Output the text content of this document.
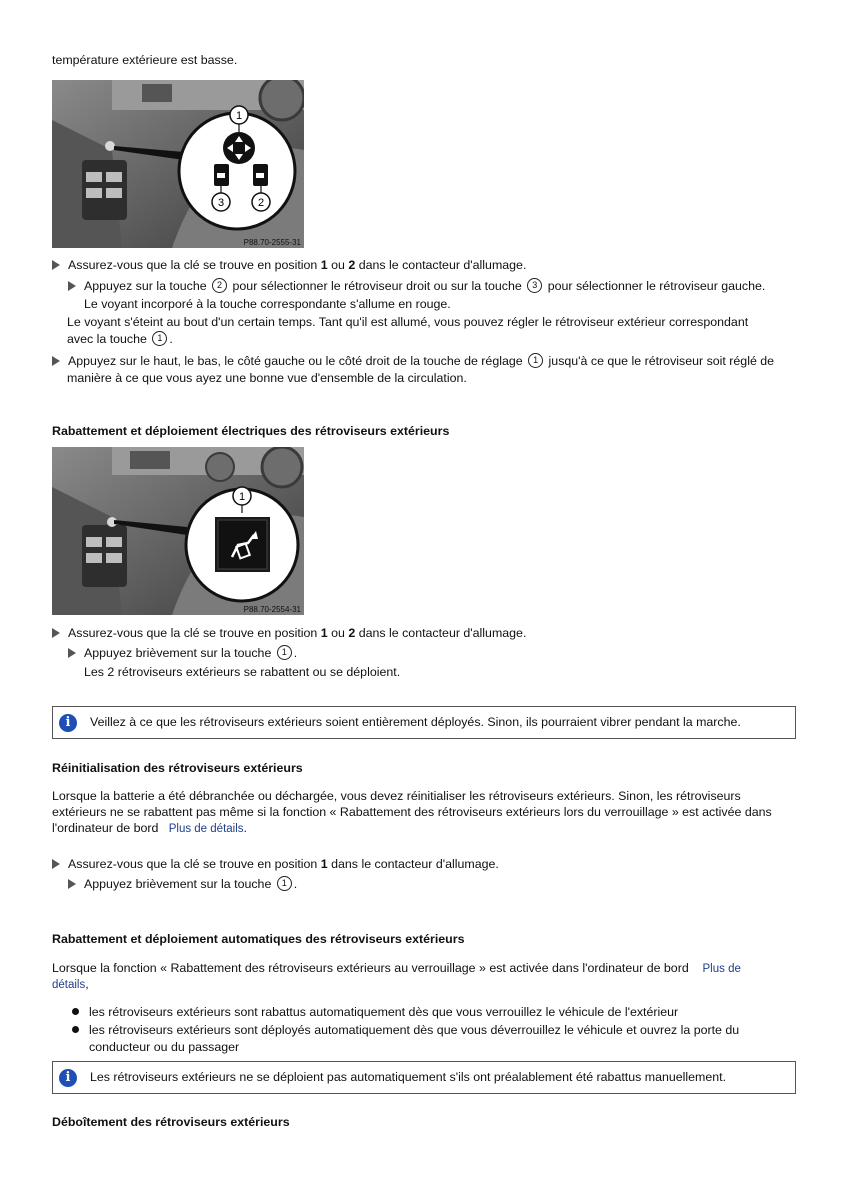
température extérieure est basse.
1
3	2
P88.70-2555-31
Assurez-vous que la clé se trouve en position 1 ou 2 dans le contacteur d'allumage.
Appuyez sur la touche 2 pour sélectionner le rétroviseur droit ou sur la touche 3 pour sélectionner le rétroviseur gauche.
Le voyant incorporé à la touche correspondante s'allume en rouge.
Le voyant s'éteint au bout d'un certain temps. Tant qu'il est allumé, vous pouvez régler le rétroviseur extérieur correspondant
avec la touche 1 .
Appuyez sur le haut, le bas, le côté gauche ou le côté droit de la touche de réglage 1 jusqu'à ce que le rétroviseur soit réglé de
manière à ce que vous ayez une bonne vue d'ensemble de la circulation.
Rabattement et déploiement électriques des rétroviseurs extérieurs
1
P88.70-2554-31
Assurez-vous que la clé se trouve en position 1 ou 2 dans le contacteur d'allumage.
Appuyez brièvement sur la touche 1 .
Les 2 rétroviseurs extérieurs se rabattent ou se déploient.
i	Veillez à ce que les rétroviseurs extérieurs soient entièrement déployés. Sinon, ils pourraient vibrer pendant la marche.
Réinitialisation des rétroviseurs extérieurs
Lorsque la batterie a été débranchée ou déchargée, vous devez réinitialiser les rétroviseurs extérieurs. Sinon, les rétroviseurs
extérieurs ne se rabattent pas même si la fonction « Rabattement des rétroviseurs extérieurs lors du verrouillage » est activée dans
l'ordinateur de bord Plus de détails.
Assurez-vous que la clé se trouve en position 1 dans le contacteur d'allumage.
Appuyez brièvement sur la touche 1 .
Rabattement et déploiement automatiques des rétroviseurs extérieurs
Lorsque la fonction « Rabattement des rétroviseurs extérieurs au verrouillage » est activée dans l'ordinateur de bord Plus de
détails,
les rétroviseurs extérieurs sont rabattus automatiquement dès que vous verrouillez le véhicule de l'extérieur
les rétroviseurs extérieurs sont déployés automatiquement dès que vous déverrouillez le véhicule et ouvrez la porte du
conducteur ou du passager
i	Les rétroviseurs extérieurs ne se déploient pas automatiquement s'ils ont préalablement été rabattus manuellement.
Déboîtement des rétroviseurs extérieurs
